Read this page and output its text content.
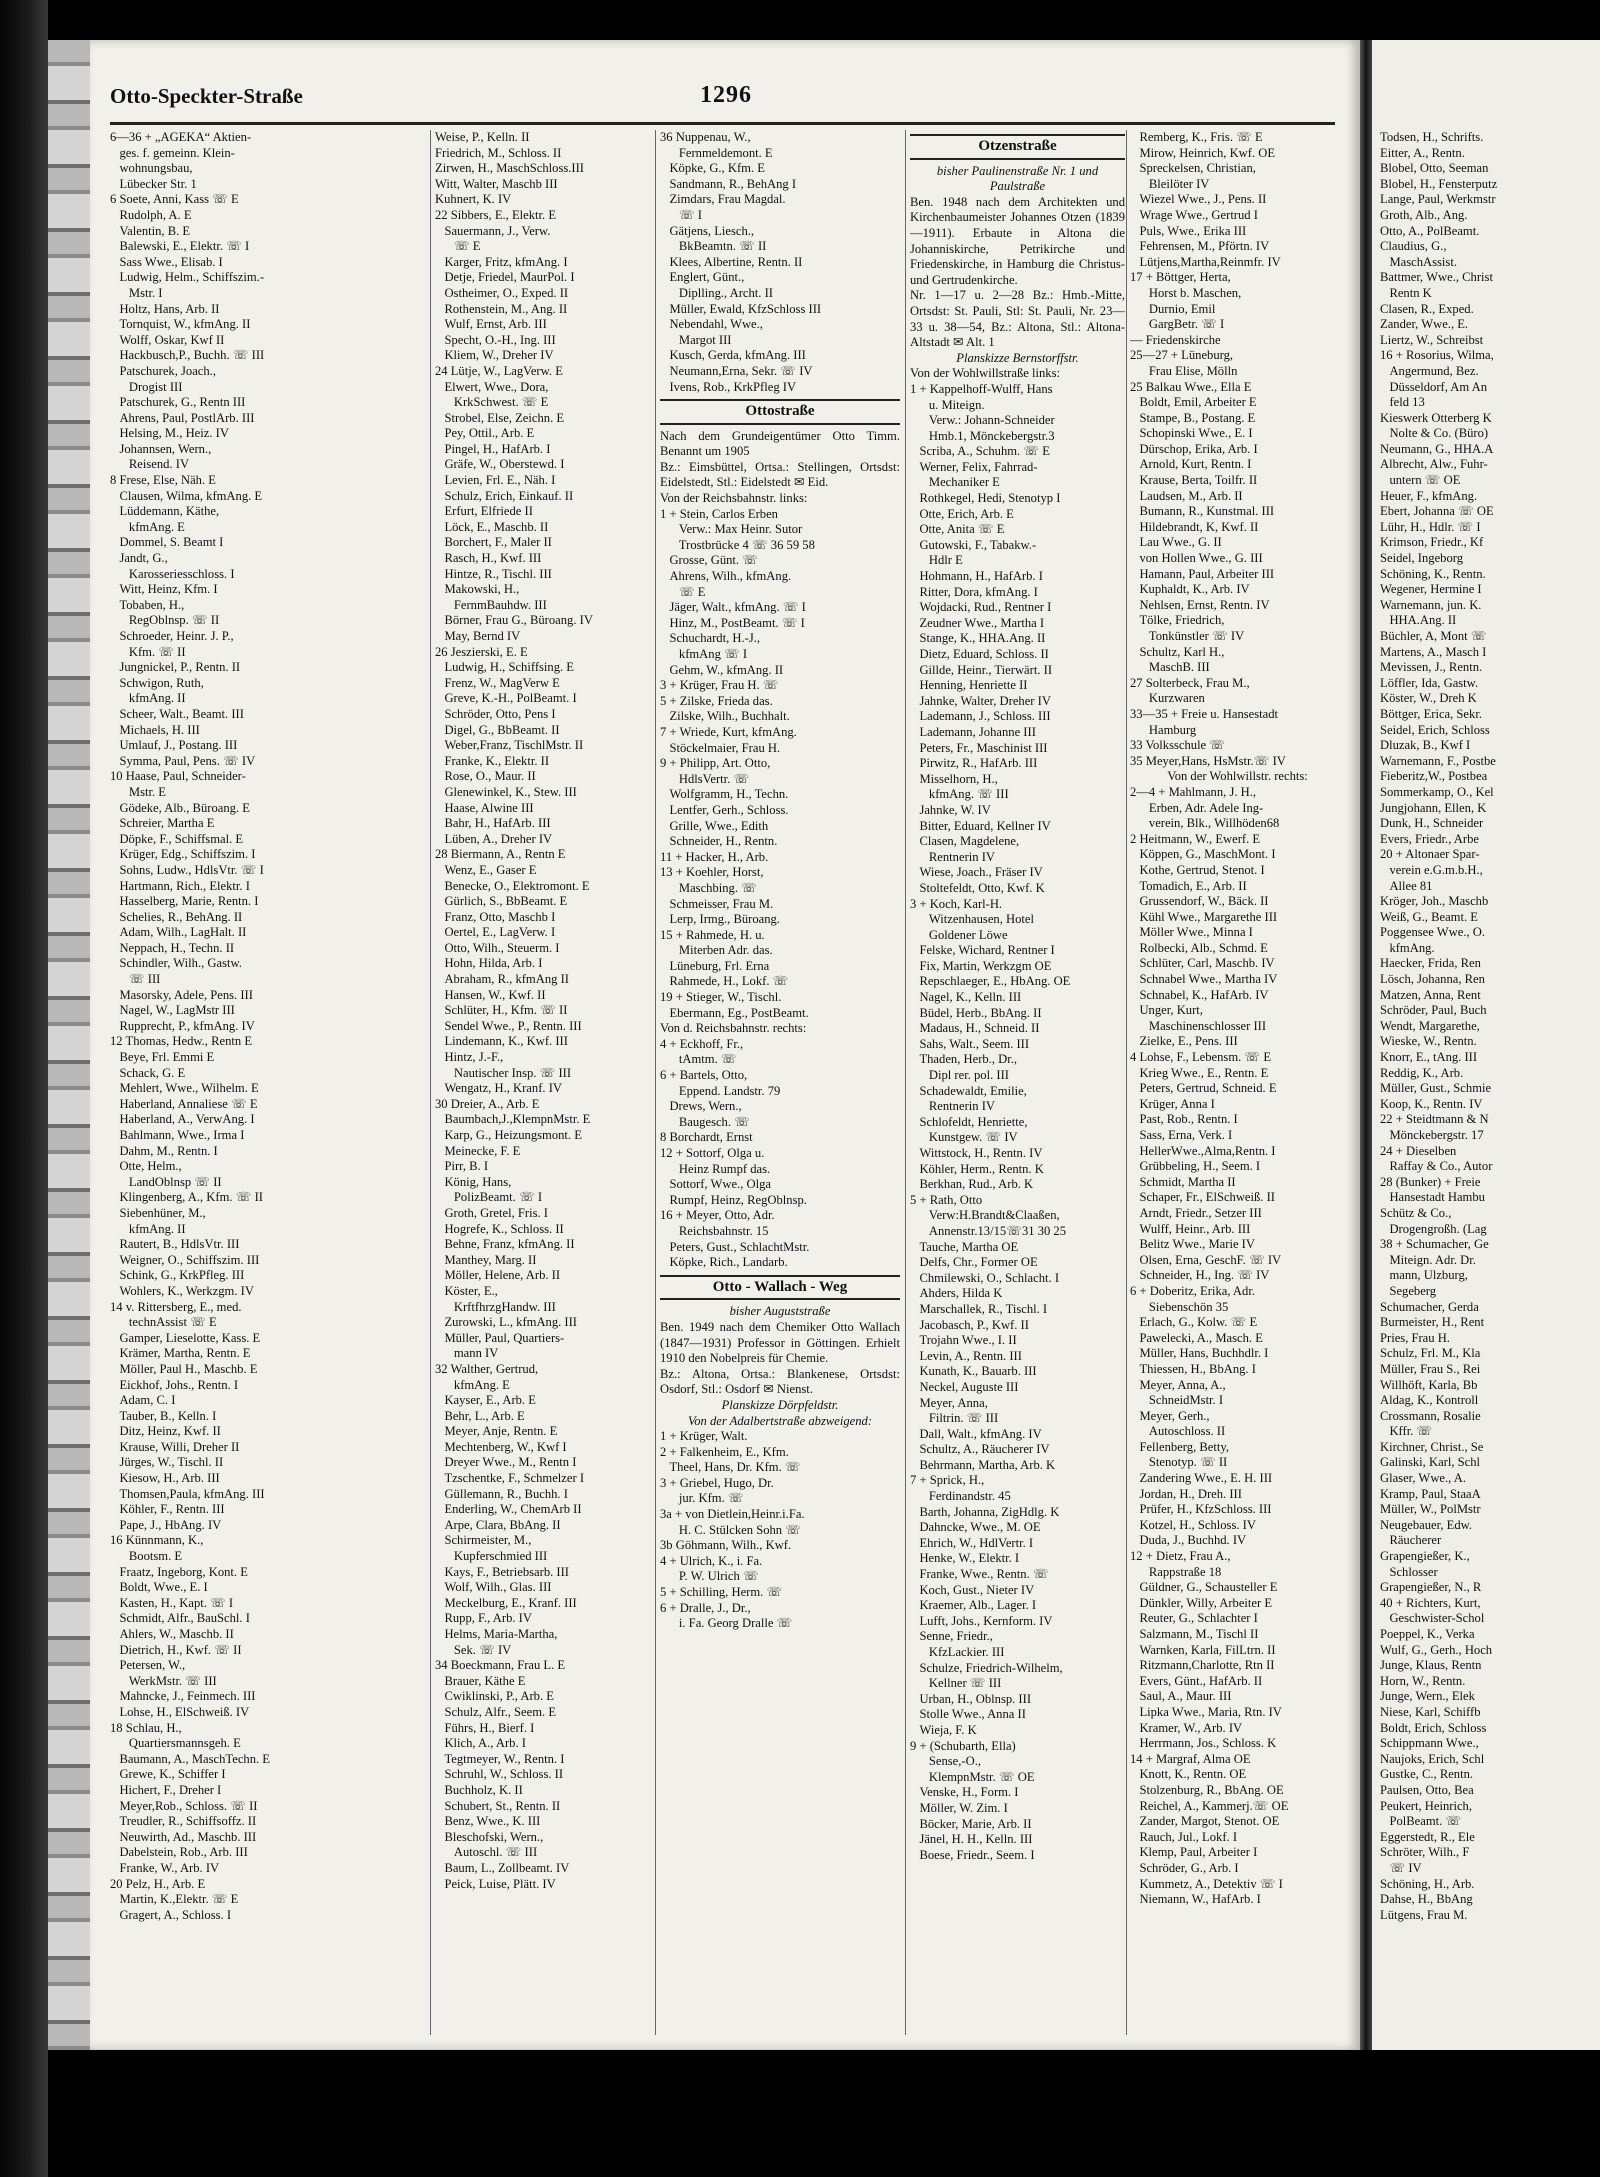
Todsen, H., Schrifts.
Eitter, A., Rentn.
Blobel, Otto, Seeman
Blobel, H., Fensterputz
Lange, Paul, Werkmstr
Groth, Alb., Ang.
Otto, A., PolBeamt.
Claudius, G.,
MaschAssist.
Battmer, Wwe., Christ
Rentn K
Clasen, R., Exped.
Zander, Wwe., E.
Liertz, W., Schreibst
16 + Rosorius, Wilma,
Angermund, Bez.
Düsseldorf, Am An
feld 13
Kieswerk Otterberg K
Nolte & Co. (Büro)
Neumann, G., HHA.A
Albrecht, Alw., Fuhr-
untern ☏ OE
Heuer, F., kfmAng.
Ebert, Johanna ☏ OE
Lühr, H., Hdlr. ☏ I
Krimson, Friedr., Kf
Seidel, Ingeborg
Schöning, K., Rentn.
Wegener, Hermine I
Warnemann, jun. K.
HHA.Ang. II
Büchler, A, Mont ☏
Martens, A., Masch I
Mevissen, J., Rentn.
Löffler, Ida, Gastw.
Köster, W., Dreh K
Böttger, Erica, Sekr.
Seidel, Erich, Schloss
Dluzak, B., Kwf I
Warnemann, F., Postbe
Fieberitz,W., Postbea
Sommerkamp, O., Kel
Jungjohann, Ellen, K
Dunk, H., Schneider
Evers, Friedr., Arbe
20 + Altonaer Spar-
verein e.G.m.b.H.,
Allee 81
Kröger, Joh., Maschb
Weiß, G., Beamt. E
Poggensee Wwe., O.
kfmAng.
Haecker, Frida, Ren
Lösch, Johanna, Ren
Matzen, Anna, Rent
Schröder, Paul, Buch
Wendt, Margarethe,
Wieske, W., Rentn.
Knorr, E., tAng. III
Reddig, K., Arb.
Müller, Gust., Schmie
Koop, K., Rentn. IV
22 + Steidtmann & N
Mönckebergstr. 17
24 + Dieselben
Raffay & Co., Autor
28 (Bunker) + Freie
Hansestadt Hambu
Schütz & Co.,
Drogengroßh. (Lag
38 + Schumacher, Ge
Miteign. Adr. Dr.
mann, Ulzburg,
Segeberg
Schumacher, Gerda
Burmeister, H., Rent
Pries, Frau H.
Schulz, Frl. M., Kla
Müller, Frau S., Rei
Willhöft, Karla, Bb
Aldag, K., Kontroll
Crossmann, Rosalie
Kffr. ☏
Kirchner, Christ., Se
Galinski, Karl, Schl
Glaser, Wwe., A.
Kramp, Paul, StaaA
Müller, W., PolMstr
Neugebauer, Edw.
Räucherer
Grapengießer, K.,
Schlosser
Grapengießer, N., R
40 + Richters, Kurt,
Geschwister-Schol
Poeppel, K., Verka
Wulf, G., Gerh., Hoch
Junge, Klaus, Rentn
Horn, W., Rentn.
Junge, Wern., Elek
Niese, Karl, Schiffb
Boldt, Erich, Schloss
Schippmann Wwe.,
Naujoks, Erich, Schl
Gustke, C., Rentn.
Paulsen, Otto, Bea
Peukert, Heinrich,
PolBeamt. ☏
Eggerstedt, R., Ele
Schröter, Wilh., F
☏ IV
Schöning, H., Arb.
Dahse, H., BbAng
Lütgens, Frau M.
Otto-Speckter-Straße	1296
6—36 + „AGEKA“ Aktien-
ges. f. gemeinn. Klein-
wohnungsbau,
Lübecker Str. 1
6 Soete, Anni, Kass ☏ E
Rudolph, A. E
Valentin, B. E
Balewski, E., Elektr. ☏ I
Sass Wwe., Elisab. I
Ludwig, Helm., Schiffszim.-
Mstr. I
Holtz, Hans, Arb. II
Tornquist, W., kfmAng. II
Wolff, Oskar, Kwf II
Hackbusch,P., Buchh. ☏ III
Patschurek, Joach.,
Drogist III
Patschurek, G., Rentn III
Ahrens, Paul, PostlArb. III
Helsing, M., Heiz. IV
Johannsen, Wern.,
Reisend. IV
8 Frese, Else, Näh. E
Clausen, Wilma, kfmAng. E
Lüddemann, Käthe,
kfmAng. E
Dommel, S. Beamt I
Jandt, G.,
Karosseriesschloss. I
Witt, Heinz, Kfm. I
Tobaben, H.,
RegOblnsp. ☏ II
Schroeder, Heinr. J. P.,
Kfm. ☏ II
Jungnickel, P., Rentn. II
Schwigon, Ruth,
kfmAng. II
Scheer, Walt., Beamt. III
Michaels, H. III
Umlauf, J., Postang. III
Symma, Paul, Pens. ☏ IV
10 Haase, Paul, Schneider-
Mstr. E
Gödeke, Alb., Büroang. E
Schreier, Martha E
Döpke, F., Schiffsmal. E
Krüger, Edg., Schiffszim. I
Sohns, Ludw., HdlsVtr. ☏ I
Hartmann, Rich., Elektr. I
Hasselberg, Marie, Rentn. I
Schelies, R., BehAng. II
Adam, Wilh., LagHalt. II
Neppach, H., Techn. II
Schindler, Wilh., Gastw.
☏ III
Masorsky, Adele, Pens. III
Nagel, W., LagMstr III
Rupprecht, P., kfmAng. IV
12 Thomas, Hedw., Rentn E
Beye, Frl. Emmi E
Schack, G. E
Mehlert, Wwe., Wilhelm. E
Haberland, Annaliese ☏ E
Haberland, A., VerwAng. I
Bahlmann, Wwe., Irma I
Dahm, M., Rentn. I
Otte, Helm.,
LandOblnsp ☏ II
Klingenberg, A., Kfm. ☏ II
Siebenhüner, M.,
kfmAng. II
Rautert, B., HdlsVtr. III
Weigner, O., Schiffszim. III
Schink, G., KrkPfleg. III
Wohlers, K., Werkzgm. IV
14 v. Rittersberg, E., med.
technAssist ☏ E
Gamper, Lieselotte, Kass. E
Krämer, Martha, Rentn. E
Möller, Paul H., Maschb. E
Eickhof, Johs., Rentn. I
Adam, C. I
Tauber, B., Kelln. I
Ditz, Heinz, Kwf. II
Krause, Willi, Dreher II
Jürges, W., Tischl. II
Kiesow, H., Arb. III
Thomsen,Paula, kfmAng. III
Köhler, F., Rentn. III
Pape, J., HbAng. IV
16 Künnmann, K.,
Bootsm. E
Fraatz, Ingeborg, Kont. E
Boldt, Wwe., E. I
Kasten, H., Kapt. ☏ I
Schmidt, Alfr., BauSchl. I
Ahlers, W., Maschb. II
Dietrich, H., Kwf. ☏ II
Petersen, W.,
WerkMstr. ☏ III
Mahncke, J., Feinmech. III
Lohse, H., ElSchweiß. IV
18 Schlau, H.,
Quartiersmannsgeh. E
Baumann, A., MaschTechn. E
Grewe, K., Schiffer I
Hichert, F., Dreher I
Meyer,Rob., Schloss. ☏ II
Treudler, R., Schiffsoffz. II
Neuwirth, Ad., Maschb. III
Dabelstein, Rob., Arb. III
Franke, W., Arb. IV
20 Pelz, H., Arb. E
Martin, K.,Elektr. ☏ E
Gragert, A., Schloss. I
Weise, P., Kelln. II
Friedrich, M., Schloss. II
Zirwen, H., MaschSchloss.III
Witt, Walter, Maschb III
Kuhnert, K. IV
22 Sibbers, E., Elektr. E
Sauermann, J., Verw.
☏ E
Karger, Fritz, kfmAng. I
Detje, Friedel, MaurPol. I
Ostheimer, O., Exped. II
Rothenstein, M., Ang. II
Wulf, Ernst, Arb. III
Specht, O.-H., Ing. III
Kliem, W., Dreher IV
24 Lütje, W., LagVerw. E
Elwert, Wwe., Dora,
KrkSchwest. ☏ E
Strobel, Else, Zeichn. E
Pey, Ottil., Arb. E
Pingel, H., HafArb. I
Gräfe, W., Oberstewd. I
Levien, Frl. E., Näh. I
Schulz, Erich, Einkauf. II
Erfurt, Elfriede II
Löck, E., Maschb. II
Borchert, F., Maler II
Rasch, H., Kwf. III
Hintze, R., Tischl. III
Makowski, H.,
FernmBauhdw. III
Börner, Frau G., Büroang. IV
May, Bernd IV
26 Jeszierski, E. E
Ludwig, H., Schiffsing. E
Frenz, W., MagVerw E
Greve, K.-H., PolBeamt. I
Schröder, Otto, Pens I
Digel, G., BbBeamt. II
Weber,Franz, TischlMstr. II
Franke, K., Elektr. II
Rose, O., Maur. II
Glenewinkel, K., Stew. III
Haase, Alwine III
Bahr, H., HafArb. III
Lüben, A., Dreher IV
28 Biermann, A., Rentn E
Wenz, E., Gaser E
Benecke, O., Elektromont. E
Gürlich, S., BbBeamt. E
Franz, Otto, Maschb I
Oertel, E., LagVerw. I
Otto, Wilh., Steuerm. I
Hohn, Hilda, Arb. I
Abraham, R., kfmAng II
Hansen, W., Kwf. II
Schlüter, H., Kfm. ☏ II
Sendel Wwe., P., Rentn. III
Lindemann, K., Kwf. III
Hintz, J.-F.,
Nautischer Insp. ☏ III
Wengatz, H., Kranf. IV
30 Dreier, A., Arb. E
Baumbach,J.,KlempnMstr. E
Karp, G., Heizungsmont. E
Meinecke, F. E
Pirr, B. I
König, Hans,
PolizBeamt. ☏ I
Groth, Gretel, Fris. I
Hogrefe, K., Schloss. II
Behne, Franz, kfmAng. II
Manthey, Marg. II
Möller, Helene, Arb. II
Köster, E.,
KrftfhrzgHandw. III
Zurowski, L., kfmAng. III
Müller, Paul, Quartiers-
mann IV
32 Walther, Gertrud,
kfmAng. E
Kayser, E., Arb. E
Behr, L., Arb. E
Meyer, Anje, Rentn. E
Mechtenberg, W., Kwf I
Dreyer Wwe., M., Rentn I
Tzschentke, F., Schmelzer I
Güllemann, R., Buchh. I
Enderling, W., ChemArb II
Arpe, Clara, BbAng. II
Schirmeister, M.,
Kupferschmied III
Kays, F., Betriebsarb. III
Wolf, Wilh., Glas. III
Meckelburg, E., Kranf. III
Rupp, F., Arb. IV
Helms, Maria-Martha,
Sek. ☏ IV
34 Boeckmann, Frau L. E
Brauer, Käthe E
Cwiklinski, P., Arb. E
Schulz, Alfr., Seem. E
Führs, H., Bierf. I
Klich, A., Arb. I
Tegtmeyer, W., Rentn. I
Schruhl, W., Schloss. II
Buchholz, K. II
Schubert, St., Rentn. II
Benz, Wwe., K. III
Bleschofski, Wern.,
Autoschl. ☏ III
Baum, L., Zollbeamt. IV
Peick, Luise, Plätt. IV
36 Nuppenau, W.,
Fernmeldemont. E
Köpke, G., Kfm. E
Sandmann, R., BehAng I
Zimdars, Frau Magdal.
☏ I
Gätjens, Liesch.,
BkBeamtn. ☏ II
Klees, Albertine, Rentn. II
Englert, Günt.,
Diplling., Archt. II
Müller, Ewald, KfzSchloss III
Nebendahl, Wwe.,
Margot III
Kusch, Gerda, kfmAng. III
Neumann,Erna, Sekr. ☏ IV
Ivens, Rob., KrkPfleg IV
Ottostraße
Nach dem Grundeigentümer Otto Timm. Benannt um 1905
Bz.: Eimsbüttel, Ortsa.: Stellingen, Ortsdst: Eidelstedt, Stl.: Eidelstedt ✉ Eid.
Von der Reichsbahnstr. links:
1 + Stein, Carlos Erben
Verw.: Max Heinr. Sutor
Trostbrücke 4 ☏ 36 59 58
Grosse, Günt. ☏
Ahrens, Wilh., kfmAng.
☏ E
Jäger, Walt., kfmAng. ☏ I
Hinz, M., PostBeamt. ☏ I
Schuchardt, H.-J.,
kfmAng ☏ I
Gehm, W., kfmAng. II
3 + Krüger, Frau H. ☏
5 + Zilske, Frieda das.
Zilske, Wilh., Buchhalt.
7 + Wriede, Kurt, kfmAng.
Stöckelmaier, Frau H.
9 + Philipp, Art. Otto,
HdlsVertr. ☏
Wolfgramm, H., Techn.
Lentfer, Gerh., Schloss.
Grille, Wwe., Edith
Schneider, H., Rentn.
11 + Hacker, H., Arb.
13 + Koehler, Horst,
Maschbing. ☏
Schmeisser, Frau M.
Lerp, Irmg., Büroang.
15 + Rahmede, H. u.
Miterben Adr. das.
Lüneburg, Frl. Erna
Rahmede, H., Lokf. ☏
19 + Stieger, W., Tischl.
Ebermann, Eg., PostBeamt.
Von d. Reichsbahnstr. rechts:
4 + Eckhoff, Fr.,
tAmtm. ☏
6 + Bartels, Otto,
Eppend. Landstr. 79
Drews, Wern.,
Baugesch. ☏
8 Borchardt, Ernst
12 + Sottorf, Olga u.
Heinz Rumpf das.
Sottorf, Wwe., Olga
Rumpf, Heinz, RegOblnsp.
16 + Meyer, Otto, Adr.
Reichsbahnstr. 15
Peters, Gust., SchlachtMstr.
Köpke, Rich., Landarb.
Otto - Wallach - Weg
bisher Auguststraße
Ben. 1949 nach dem Chemiker Otto Wallach (1847—1931) Professor in Göttingen. Erhielt 1910 den Nobelpreis für Chemie.
Bz.: Altona, Ortsa.: Blankenese, Ortsdst: Osdorf, Stl.: Osdorf ✉ Nienst.
Planskizze Dörpfeldstr.
Von der Adalbertstraße abzweigend:
1 + Krüger, Walt.
2 + Falkenheim, E., Kfm.
Theel, Hans, Dr. Kfm. ☏
3 + Griebel, Hugo, Dr.
jur. Kfm. ☏
3a + von Dietlein,Heinr.i.Fa.
H. C. Stülcken Sohn ☏
3b Göhmann, Wilh., Kwf.
4 + Ulrich, K., i. Fa.
P. W. Ulrich ☏
5 + Schilling, Herm. ☏
6 + Dralle, J., Dr.,
i. Fa. Georg Dralle ☏
Otzenstraße
bisher Paulinenstraße Nr. 1 und Paulstraße
Ben. 1948 nach dem Architekten und Kirchenbaumeister Johannes Otzen (1839—1911). Erbaute in Altona die Johanniskirche, Petrikirche und Friedenskirche, in Hamburg die Christus- und Gertrudenkirche.
Nr. 1—17 u. 2—28 Bz.: Hmb.-Mitte, Ortsdst: St. Pauli, Stl: St. Pauli, Nr. 23—33 u. 38—54, Bz.: Altona, Stl.: Altona-Altstadt ✉ Alt. 1
Planskizze Bernstorffstr.
Von der Wohlwillstraße links:
1 + Kappelhoff-Wulff, Hans
u. Miteign.
Verw.: Johann-Schneider
Hmb.1, Mönckebergstr.3
Scriba, A., Schuhm. ☏ E
Werner, Felix, Fahrrad-
Mechaniker E
Rothkegel, Hedi, Stenotyp I
Otte, Erich, Arb. E
Otte, Anita ☏ E
Gutowski, F., Tabakw.-
Hdlr E
Hohmann, H., HafArb. I
Ritter, Dora, kfmAng. I
Wojdacki, Rud., Rentner I
Zeudner Wwe., Martha I
Stange, K., HHA.Ang. II
Dietz, Eduard, Schloss. II
Gillde, Heinr., Tierwärt. II
Henning, Henriette II
Jahnke, Walter, Dreher IV
Lademann, J., Schloss. III
Lademann, Johanne III
Peters, Fr., Maschinist III
Pirwitz, R., HafArb. III
Misselhorn, H.,
kfmAng. ☏ III
Jahnke, W. IV
Bitter, Eduard, Kellner IV
Clasen, Magdelene,
Rentnerin IV
Wiese, Joach., Fräser IV
Stoltefeldt, Otto, Kwf. K
3 + Koch, Karl-H.
Witzenhausen, Hotel
Goldener Löwe
Felske, Wichard, Rentner I
Fix, Martin, Werkzgm OE
Repschlaeger, E., HbAng. OE
Nagel, K., Kelln. III
Büdel, Herb., BbAng. II
Madaus, H., Schneid. II
Sahs, Walt., Seem. III
Thaden, Herb., Dr.,
Dipl rer. pol. III
Schadewaldt, Emilie,
Rentnerin IV
Schlofeldt, Henriette,
Kunstgew. ☏ IV
Wittstock, H., Rentn. IV
Köhler, Herm., Rentn. K
Berkhan, Rud., Arb. K
5 + Rath, Otto
Verw:H.Brandt&Claaßen,
Annenstr.13/15☏31 30 25
Tauche, Martha OE
Delfs, Chr., Former OE
Chmilewski, O., Schlacht. I
Ahders, Hilda K
Marschallek, R., Tischl. I
Jacobasch, P., Kwf. II
Trojahn Wwe., I. II
Levin, A., Rentn. III
Kunath, K., Bauarb. III
Neckel, Auguste III
Meyer, Anna,
Filtrin. ☏ III
Dall, Walt., kfmAng. IV
Schultz, A., Räucherer IV
Behrmann, Martha, Arb. K
7 + Sprick, H.,
Ferdinandstr. 45
Barth, Johanna, ZigHdlg. K
Dahncke, Wwe., M. OE
Ehrich, W., HdlVertr. I
Henke, W., Elektr. I
Franke, Wwe., Rentn. ☏
Koch, Gust., Nieter IV
Kraemer, Alb., Lager. I
Lufft, Johs., Kernform. IV
Senne, Friedr.,
KfzLackier. III
Schulze, Friedrich-Wilhelm,
Kellner ☏ III
Urban, H., Oblnsp. III
Stolle Wwe., Anna II
Wieja, F. K
9 + (Schubarth, Ella)
Sense,-O.,
KlempnMstr. ☏ OE
Venske, H., Form. I
Möller, W. Zim. I
Böcker, Marie, Arb. II
Jänel, H. H., Kelln. III
Boese, Friedr., Seem. I
Remberg, K., Fris. ☏ E
Mirow, Heinrich, Kwf. OE
Spreckelsen, Christian,
Bleilöter IV
Wiezel Wwe., J., Pens. II
Wrage Wwe., Gertrud I
Puls, Wwe., Erika III
Fehrensen, M., Pförtn. IV
Lütjens,Martha,Reinmfr. IV
17 + Böttger, Herta,
Horst b. Maschen,
Durnio, Emil
GargBetr. ☏ I
— Friedenskirche
25—27 + Lüneburg,
Frau Elise, Mölln
25 Balkau Wwe., Ella E
Boldt, Emil, Arbeiter E
Stampe, B., Postang. E
Schopinski Wwe., E. I
Dürschop, Erika, Arb. I
Arnold, Kurt, Rentn. I
Krause, Berta, Toilfr. II
Laudsen, M., Arb. II
Bumann, R., Kunstmal. III
Hildebrandt, K, Kwf. II
Lau Wwe., G. II
von Hollen Wwe., G. III
Hamann, Paul, Arbeiter III
Kuphaldt, K., Arb. IV
Nehlsen, Ernst, Rentn. IV
Tölke, Friedrich,
Tonkünstler ☏ IV
Schultz, Karl H.,
MaschB. III
27 Solterbeck, Frau M.,
Kurzwaren
33—35 + Freie u. Hansestadt
Hamburg
33 Volksschule ☏
35 Meyer,Hans, HsMstr.☏ IV
Von der Wohlwillstr. rechts:
2—4 + Mahlmann, J. H.,
Erben, Adr. Adele Ing-
verein, Blk., Willhöden68
2 Heitmann, W., Ewerf. E
Köppen, G., MaschMont. I
Kothe, Gertrud, Stenot. I
Tomadich, E., Arb. II
Grussendorf, W., Bäck. II
Kühl Wwe., Margarethe III
Möller Wwe., Minna I
Rolbecki, Alb., Schmd. E
Schlüter, Carl, Maschb. IV
Schnabel Wwe., Martha IV
Schnabel, K., HafArb. IV
Unger, Kurt,
Maschinenschlosser III
Zielke, E., Pens. III
4 Lohse, F., Lebensm. ☏ E
Krieg Wwe., E., Rentn. E
Peters, Gertrud, Schneid. E
Krüger, Anna I
Past, Rob., Rentn. I
Sass, Erna, Verk. I
HellerWwe.,Alma,Rentn. I
Grübbeling, H., Seem. I
Schmidt, Martha II
Schaper, Fr., ElSchweiß. II
Arndt, Friedr., Setzer III
Wulff, Heinr., Arb. III
Belitz Wwe., Marie IV
Olsen, Erna, GeschF. ☏ IV
Schneider, H., Ing. ☏ IV
6 + Doberitz, Erika, Adr.
Siebenschön 35
Erlach, G., Kolw. ☏ E
Pawelecki, A., Masch. E
Müller, Hans, Buchhdlr. I
Thiessen, H., BbAng. I
Meyer, Anna, A.,
SchneidMstr. I
Meyer, Gerh.,
Autoschloss. II
Fellenberg, Betty,
Stenotyp. ☏ II
Zandering Wwe., E. H. III
Jordan, H., Dreh. III
Prüfer, H., KfzSchloss. III
Kotzel, H., Schloss. IV
Duda, J., Buchhd. IV
12 + Dietz, Frau A.,
Rappstraße 18
Güldner, G., Schausteller E
Dünkler, Willy, Arbeiter E
Reuter, G., Schlachter I
Salzmann, M., Tischl II
Warnken, Karla, FilLtrn. II
Ritzmann,Charlotte, Rtn II
Evers, Günt., HafArb. II
Saul, A., Maur. III
Lipka Wwe., Maria, Rtn. IV
Kramer, W., Arb. IV
Herrmann, Jos., Schloss. K
14 + Margraf, Alma OE
Knott, K., Rentn. OE
Stolzenburg, R., BbAng. OE
Reichel, A., Kammerj.☏ OE
Zander, Margot, Stenot. OE
Rauch, Jul., Lokf. I
Klemp, Paul, Arbeiter I
Schröder, G., Arb. I
Kummetz, A., Detektiv ☏ I
Niemann, W., HafArb. I
